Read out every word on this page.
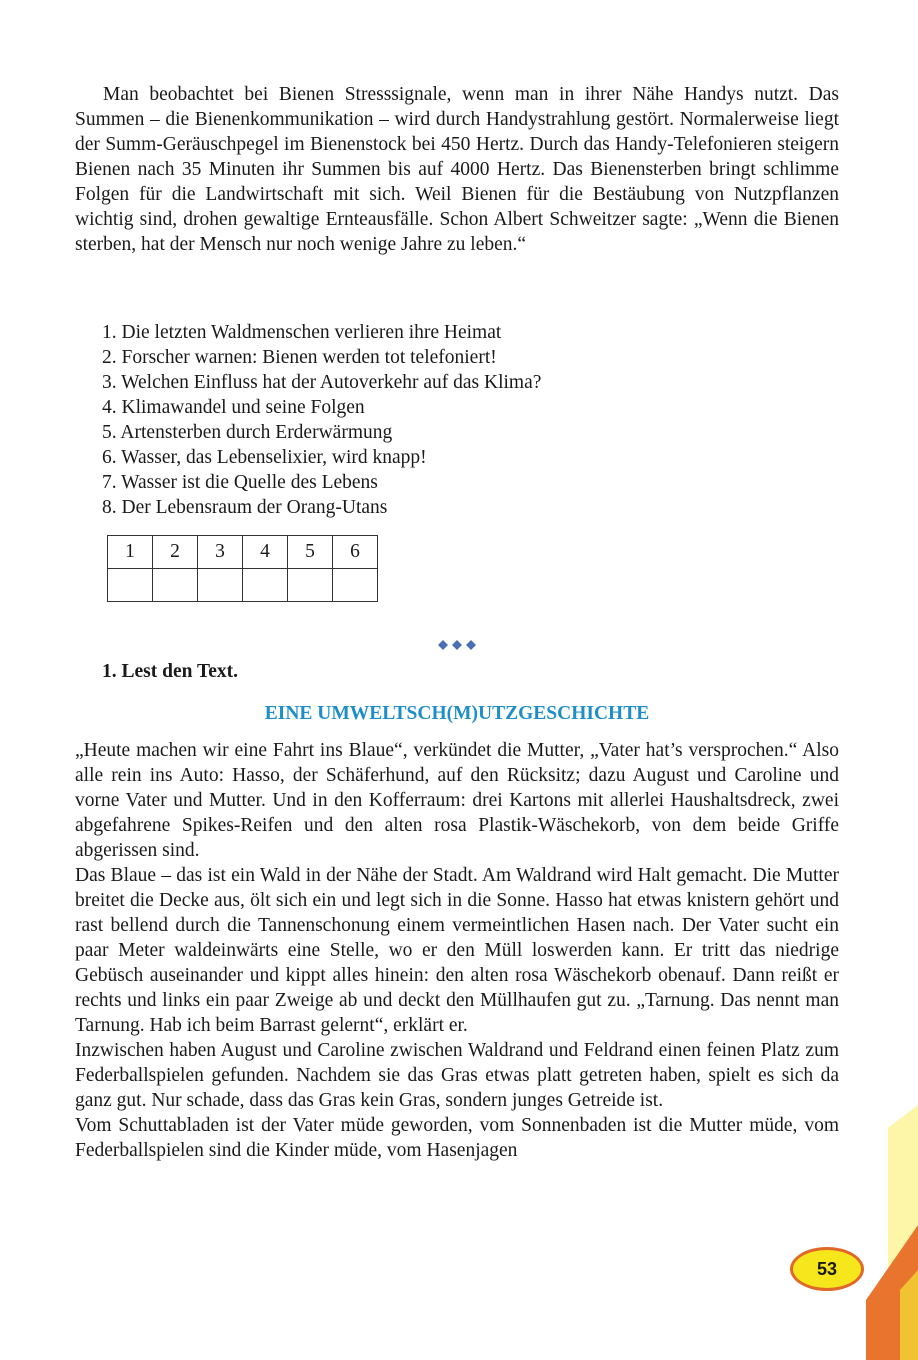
Man beobachtet bei Bienen Stresssignale, wenn man in ihrer Nähe Handys nutzt. Das Summen – die Bienenkommunikation – wird durch Handystrahlung gestört. Normalerweise liegt der Summ-Geräuschpegel im Bienenstock bei 450 Hertz. Durch das Handy-Telefonieren steigern Bienen nach 35 Minuten ihr Summen bis auf 4000 Hertz. Das Bienensterben bringt schlimme Folgen für die Landwirtschaft mit sich. Weil Bienen für die Bestäubung von Nutzpflanzen wichtig sind, drohen gewaltige Ernteausfälle. Schon Albert Schweitzer sagte: „Wenn die Bienen sterben, hat der Mensch nur noch wenige Jahre zu leben.“

1. Die letzten Waldmenschen verlieren ihre Heimat
2. Forscher warnen: Bienen werden tot telefoniert!
3. Welchen Einfluss hat der Autoverkehr auf das Klima?
4. Klimawandel und seine Folgen
5. Artensterben durch Erderwärmung
6. Wasser, das Lebenselixier, wird knapp!
7. Wasser ist die Quelle des Lebens
8. Der Lebensraum der Orang-Utans
1	2	3	4	5	6

1. Lest den Text.
EINE UMWELTSCH(M)UTZGESCHICHTE

„Heute machen wir eine Fahrt ins Blaue“, verkündet die Mutter, „Vater hat’s versprochen.“ Also alle rein ins Auto: Hasso, der Schäferhund, auf den Rücksitz; dazu August und Caroline und vorne Vater und Mutter. Und in den Kofferraum: drei Kartons mit allerlei Haushaltsdreck, zwei abgefahrene Spikes-Reifen und den alten rosa Plastik-Wäschekorb, von dem beide Griffe abgerissen sind.

Das Blaue – das ist ein Wald in der Nähe der Stadt. Am Waldrand wird Halt gemacht. Die Mutter breitet die Decke aus, ölt sich ein und legt sich in die Sonne. Hasso hat etwas knistern gehört und rast bellend durch die Tannenschonung einem vermeintlichen Hasen nach. Der Vater sucht ein paar Meter waldeinwärts eine Stelle, wo er den Müll loswerden kann. Er tritt das niedrige Gebüsch auseinander und kippt alles hinein: den alten rosa Wäschekorb obenauf. Dann reißt er rechts und links ein paar Zweige ab und deckt den Müllhaufen gut zu. „Tarnung. Das nennt man Tarnung. Hab ich beim Barrast gelernt“, erklärt er.

Inzwischen haben August und Caroline zwischen Waldrand und Feldrand einen feinen Platz zum Federballspielen gefunden. Nachdem sie das Gras etwas platt getreten haben, spielt es sich da ganz gut. Nur schade, dass das Gras kein Gras, sondern junges Getreide ist.

Vom Schuttabladen ist der Vater müde geworden, vom Sonnenbaden ist die Mutter müde, vom Federballspielen sind die Kinder müde, vom Hasenjagen

53
